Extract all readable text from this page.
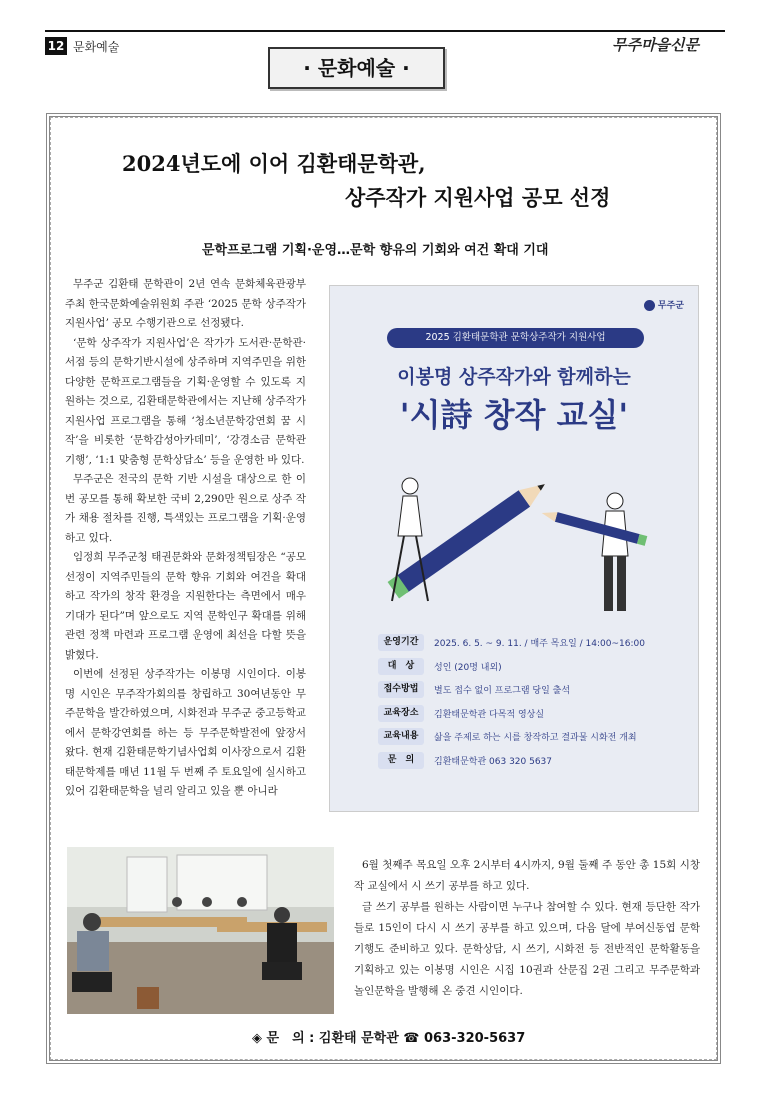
12 문화예술	무주마을신문
· 문화예술 ·
2024년도에 이어 김환태문학관,
상주작가 지원사업 공모 선정
문학프로그램 기획·운영…문학 향유의 기회와 여건 확대 기대

무주군 김환태 문학관이 2년 연속 문화체육관광부 주최 한국문화예술위원회 주관 ‘2025 문학 상주작가 지원사업’ 공모 수행기관으로 선정됐다.

‘문학 상주작가 지원사업’은 작가가 도서관·문학관·서점 등의 문학기반시설에 상주하며 지역주민을 위한 다양한 문학프로그램들을 기획·운영할 수 있도록 지원하는 것으로, 김환태문학관에서는 지난해 상주작가 지원사업 프로그램을 통해 ‘청소년문학강연회 꿈 시작’을 비롯한 ‘문학감성아카데미’, ‘강경소금 문학관 기행’, ‘1:1 맞춤형 문학상담소’ 등을 운영한 바 있다.

무주군은 전국의 문학 기반 시설을 대상으로 한 이번 공모를 통해 확보한 국비 2,290만 원으로 상주 작가 채용 절차를 진행, 특색있는 프로그램을 기획·운영하고 있다.

임정희 무주군청 태권문화와 문화정책팀장은 “공모 선정이 지역주민들의 문학 향유 기회와 여건을 확대하고 작가의 창작 환경을 지원한다는 측면에서 매우 기대가 된다”며 앞으로도 지역 문학인구 확대를 위해 관련 정책 마련과 프로그램 운영에 최선을 다할 뜻을 밝혔다.

이번에 선정된 상주작가는 이봉명 시인이다. 이봉명 시인은 무주작가회의를 창립하고 30여년동안 무주문학을 발간하였으며, 시화전과 무주군 중고등학교에서 문학강연회를 하는 등 무주문학발전에 앞장서 왔다. 현재 김환태문학기념사업회 이사장으로서 김환태문학제를 매년 11월 두 번째 주 토요일에 실시하고 있어 김환태문학을 널리 알리고 있을 뿐 아니라

무주군
2025 김환태문학관 문학상주작가 지원사업
이봉명 상주작가와 함께하는
'시詩 창작 교실'
운영기간	2025. 6. 5. ~ 9. 11. / 매주 목요일 / 14:00~16:00
대　상	성인 (20명 내외)
접수방법	별도 접수 없이 프로그램 당일 출석
교육장소	김환태문학관 다목적 영상실
교육내용	삶을 주제로 하는 시를 창작하고 결과물 시화전 개최
문　의	김환태문학관 063 320 5637

6월 첫째주 목요일 오후 2시부터 4시까지, 9월 둘째 주 동안 총 15회 시창작 교실에서 시 쓰기 공부를 하고 있다.

글 쓰기 공부를 원하는 사람이면 누구나 참여할 수 있다. 현재 등단한 작가들로 15인이 다시 시 쓰기 공부를 하고 있으며, 다음 달에 부여신동엽 문학기행도 준비하고 있다. 문학상담, 시 쓰기, 시화전 등 전반적인 문학활동을 기획하고 있는 이봉명 시인은 시집 10권과 산문집 2권 그리고 무주문학과 놀인문학을 발행해 온 중견 시인이다.

◈ 문　의 : 김환태 문학관 ☎ 063-320-5637
